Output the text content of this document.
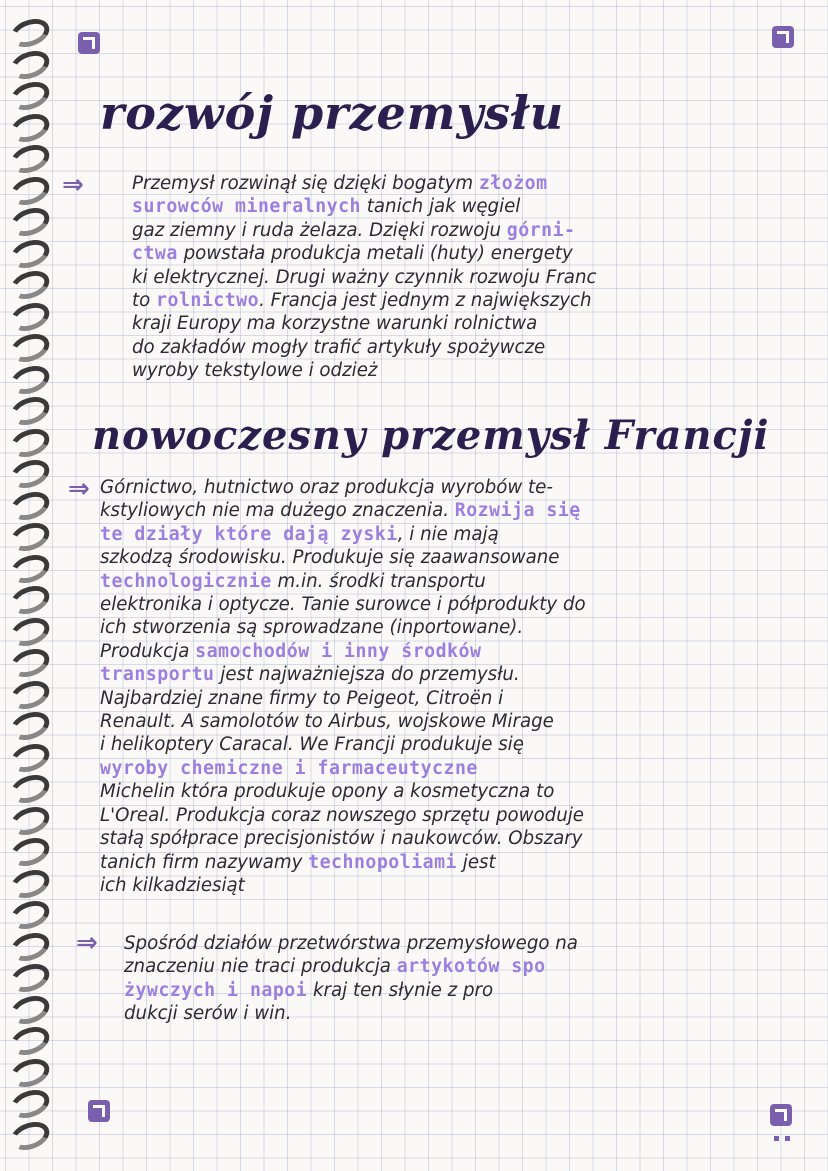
rozwój przemysłu
⇒	Przemysł rozwinął się dzięki bogatym złożom
surowców mineralnych tanich jak węgiel
gaz ziemny i ruda żelaza. Dzięki rozwoju górni-
ctwa powstała produkcja metali (huty) energety
ki elektrycznej. Drugi ważny czynnik rozwoju Franc
to rolnictwo. Francja jest jednym z największych
kraji Europy ma korzystne warunki rolnictwa
do zakładów mogły trafić artykuły spożywcze
wyroby tekstylowe i odzież
nowoczesny przemysł Francji
⇒ Górnictwo, hutnictwo oraz produkcja wyrobów te-
kstyliowych nie ma dużego znaczenia. Rozwija się
te działy które dają zyski, i nie mają
szkodzą środowisku. Produkuje się zaawansowane
technologicznie m.in. środki transportu
elektronika i optycze. Tanie surowce i półprodukty do
ich stworzenia są sprowadzane (inportowane).
Produkcja samochodów i inny środków
transportu jest najważniejsza do przemysłu.
Najbardziej znane firmy to Peigeot, Citroën i
Renault. A samolotów to Airbus, wojskowe Mirage
i helikoptery Caracal. We Francji produkuje się
wyroby chemiczne i farmaceutyczne
Michelin która produkuje opony a kosmetyczna to
L'Oreal. Produkcja coraz nowszego sprzętu powoduje
stałą spółprace precisjonistów i naukowców. Obszary
tanich firm nazywamy technopoliami jest
ich kilkadziesiąt
⇒ Spośród działów przetwórstwa przemysłowego na
znaczeniu nie traci produkcja artykotów spo
żywczych i napoi kraj ten słynie z pro
dukcji serów i win.
